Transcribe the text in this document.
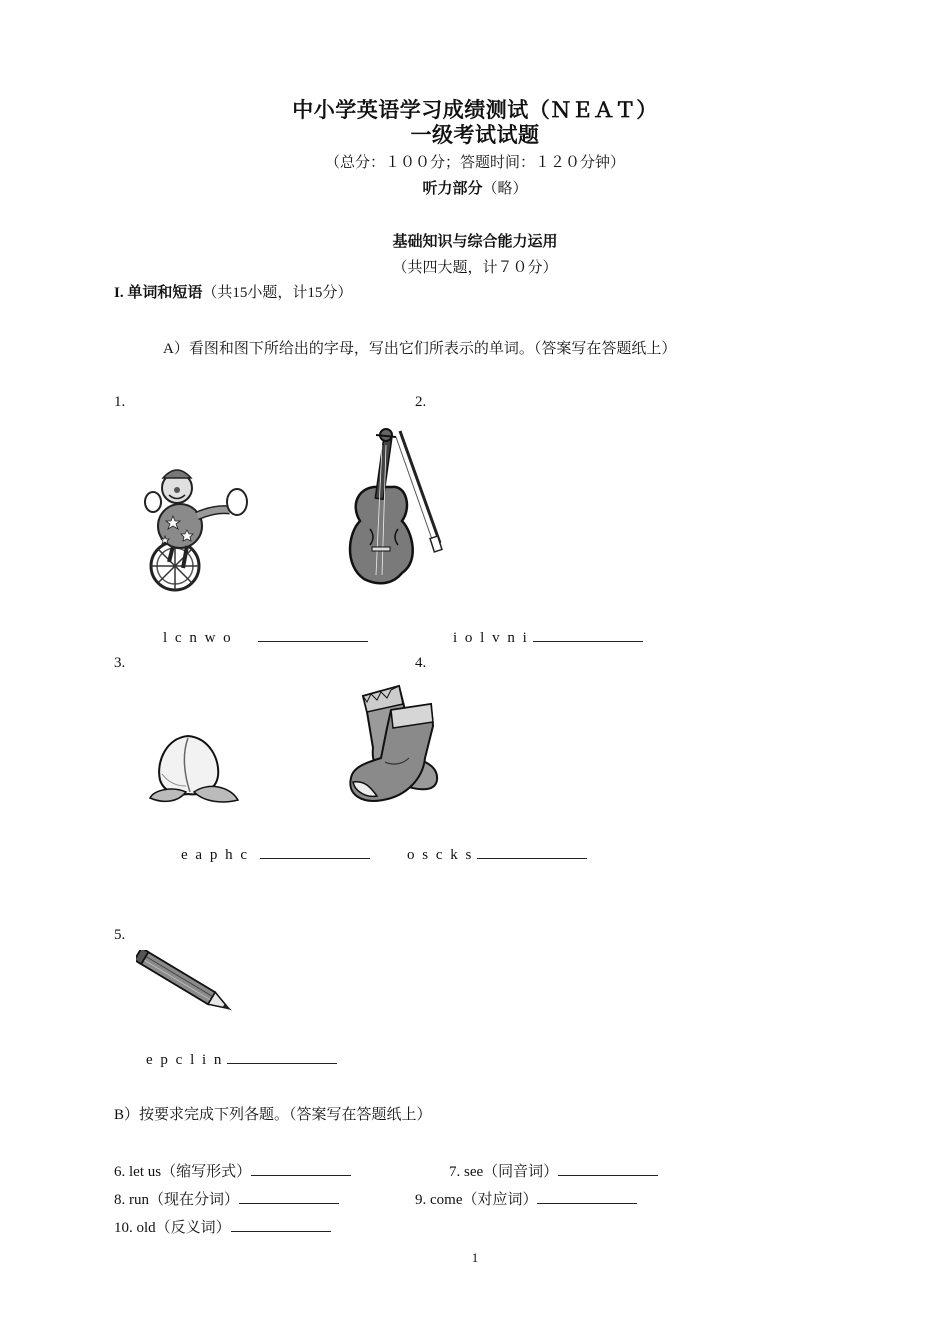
中小学英语学习成绩测试（ＮＥＡＴ）
一级考试试题
（总分：１００分；答题时间：１２０分钟）
听力部分（略）
基础知识与综合能力运用
（共四大题，计７０分）
I. 单词和短语（共15小题，计15分）
A）看图和图下所给出的字母，写出它们所表示的单词。（答案写在答题纸上）
1.	2.
3.	4.
5.
l c n w o	i o l v n i
e a p h c	o s c k s
e p c l i n
B）按要求完成下列各题。（答案写在答题纸上）
6. let us（缩写形式）	7. see（同音词）
8. run（现在分词）	9. come（对应词）
10. old（反义词）
1
